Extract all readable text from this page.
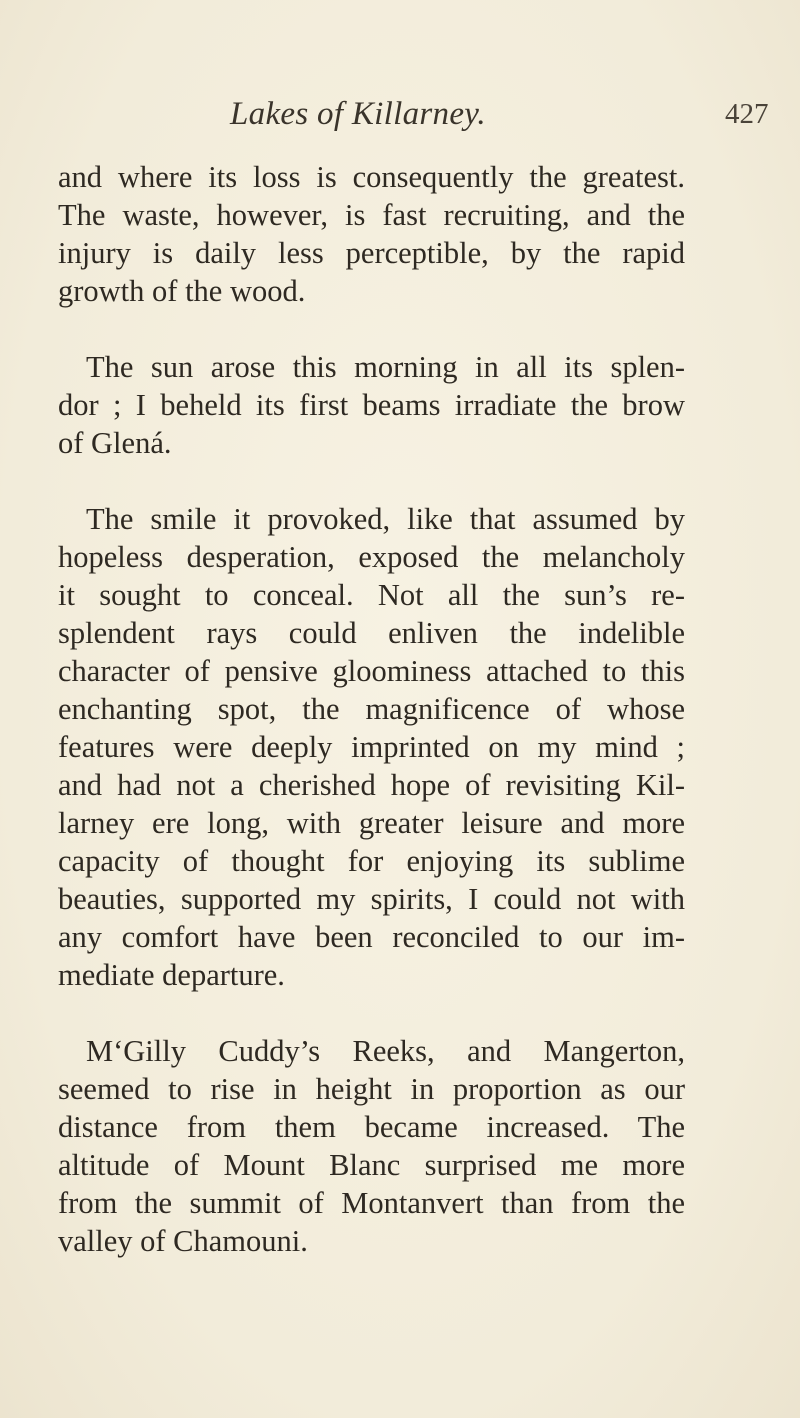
Lakes of Killarney.	427
and where its loss is consequently the greatest.
The waste, however, is fast recruiting, and the
injury is daily less perceptible, by the rapid
growth of the wood.
The sun arose this morning in all its splen-
dor ; I beheld its first beams irradiate the brow
of Glená.
The smile it provoked, like that assumed by
hopeless desperation, exposed the melancholy
it sought to conceal. Not all the sun’s re-
splendent rays could enliven the indelible
character of pensive gloominess attached to this
enchanting spot, the magnificence of whose
features were deeply imprinted on my mind ;
and had not a cherished hope of revisiting Kil-
larney ere long, with greater leisure and more
capacity of thought for enjoying its sublime
beauties, supported my spirits, I could not with
any comfort have been reconciled to our im-
mediate departure.
M‘Gilly Cuddy’s Reeks, and Mangerton,
seemed to rise in height in proportion as our
distance from them became increased. The
altitude of Mount Blanc surprised me more
from the summit of Montanvert than from the
valley of Chamouni.
